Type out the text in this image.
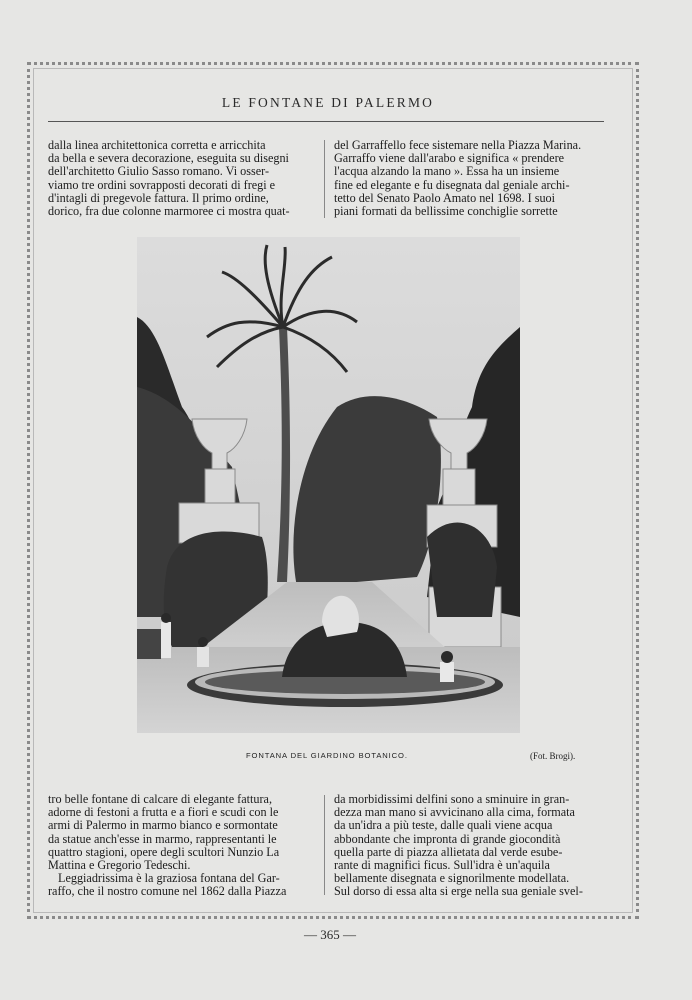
LE FONTANE DI PALERMO
dalla linea architettonica corretta e arricchita
da bella e severa decorazione, eseguita su disegni
dell'architetto Giulio Sasso romano. Vi osser-
viamo tre ordini sovrapposti decorati di fregi e
d'intagli di pregevole fattura. Il primo ordine,
dorico, fra due colonne marmoree ci mostra quat-
del Garraffello fece sistemare nella Piazza Marina.
Garraffo viene dall'arabo e significa « prendere
l'acqua alzando la mano ». Essa ha un insieme
fine ed elegante e fu disegnata dal geniale archi-
tetto del Senato Paolo Amato nel 1698. I suoi
piani formati da bellissime conchiglie sorrette
FONTANA DEL GIARDINO BOTANICO.	(Fot. Brogi).
tro belle fontane di calcare di elegante fattura,
adorne di festoni a frutta e a fiori e scudi con le
armi di Palermo in marmo bianco e sormontate
da statue anch'esse in marmo, rappresentanti le
quattro stagioni, opere degli scultori Nunzio La
Mattina e Gregorio Tedeschi.
Leggiadrissima è la graziosa fontana del Gar-
raffo, che il nostro comune nel 1862 dalla Piazza
da morbidissimi delfini sono a sminuire in gran-
dezza man mano si avvicinano alla cima, formata
da un'idra a più teste, dalle quali viene acqua
abbondante che impronta di grande giocondità
quella parte di piazza allietata dal verde esube-
rante di magnifici ficus. Sull'idra è un'aquila
bellamente disegnata e signorilmente modellata.
Sul dorso di essa alta si erge nella sua geniale svel-
— 365 —
